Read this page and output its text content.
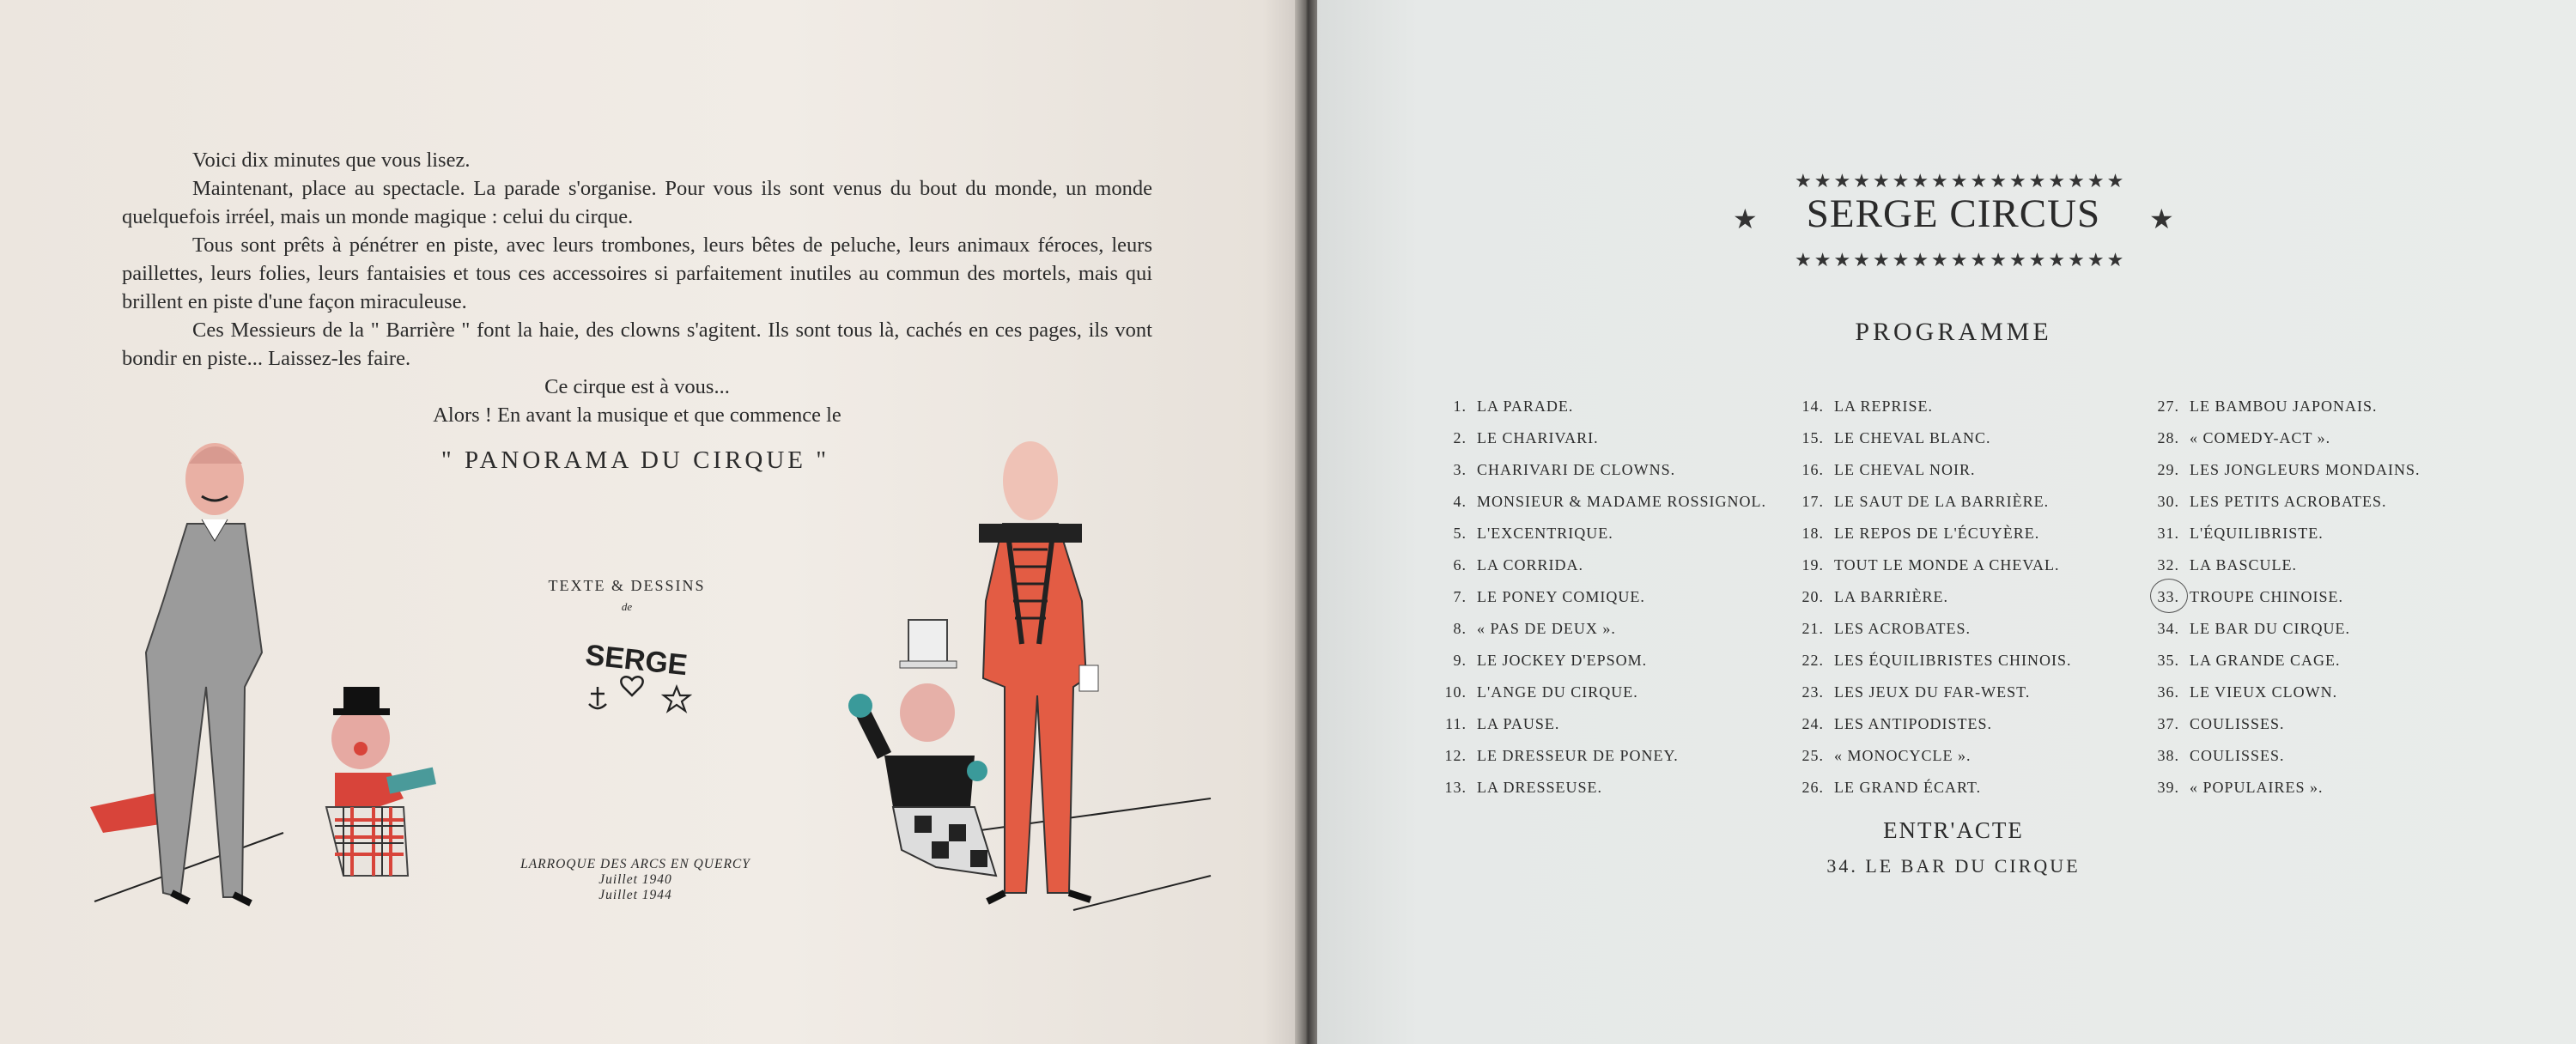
Voici dix minutes que vous lisez.

Maintenant, place au spectacle. La parade s'organise. Pour vous ils sont venus du bout du monde, un monde quelquefois irréel, mais un monde magique : celui du cirque.

Tous sont prêts à pénétrer en piste, avec leurs trombones, leurs bêtes de peluche, leurs animaux féroces, leurs paillettes, leurs folies, leurs fantaisies et tous ces accessoires si parfaitement inutiles au commun des mortels, mais qui brillent en piste d'une façon miraculeuse.

Ces Messieurs de la " Barrière " font la haie, des clowns s'agitent. Ils sont tous là, cachés en ces pages, ils vont bondir en piste... Laissez-les faire.

Ce cirque est à vous...

Alors ! En avant la musique et que commence le

" PANORAMA DU CIRQUE "
TEXTE & DESSINS
de
SERGE
LARROQUE DES ARCS EN QUERCY
Juillet 1940
Juillet 1944
★★★★★★★★★★★★★★★★★
★	SERGE CIRCUS	★
★★★★★★★★★★★★★★★★★
PROGRAMME
1. LA PARADE.
2. LE CHARIVARI.
3. CHARIVARI DE CLOWNS.
4. MONSIEUR & MADAME ROSSIGNOL.
5. L'EXCENTRIQUE.
6. LA CORRIDA.
7. LE PONEY COMIQUE.
8. « PAS DE DEUX ».
9. LE JOCKEY D'EPSOM.
10. L'ANGE DU CIRQUE.
11. LA PAUSE.
12. LE DRESSEUR DE PONEY.
13. LA DRESSEUSE.
14. LA REPRISE.
15. LE CHEVAL BLANC.
16. LE CHEVAL NOIR.
17. LE SAUT DE LA BARRIÈRE.
18. LE REPOS DE L'ÉCUYÈRE.
19. TOUT LE MONDE A CHEVAL.
20. LA BARRIÈRE.
21. LES ACROBATES.
22. LES ÉQUILIBRISTES CHINOIS.
23. LES JEUX DU FAR-WEST.
24. LES ANTIPODISTES.
25. « MONOCYCLE ».
26. LE GRAND ÉCART.
27. LE BAMBOU JAPONAIS.
28. « COMEDY-ACT ».
29. LES JONGLEURS MONDAINS.
30. LES PETITS ACROBATES.
31. L'ÉQUILIBRISTE.
32. LA BASCULE.
33. TROUPE CHINOISE.
34. LE BAR DU CIRQUE.
35. LA GRANDE CAGE.
36. LE VIEUX CLOWN.
37. COULISSES.
38. COULISSES.
39. « POPULAIRES ».
ENTR'ACTE
34. LE BAR DU CIRQUE
